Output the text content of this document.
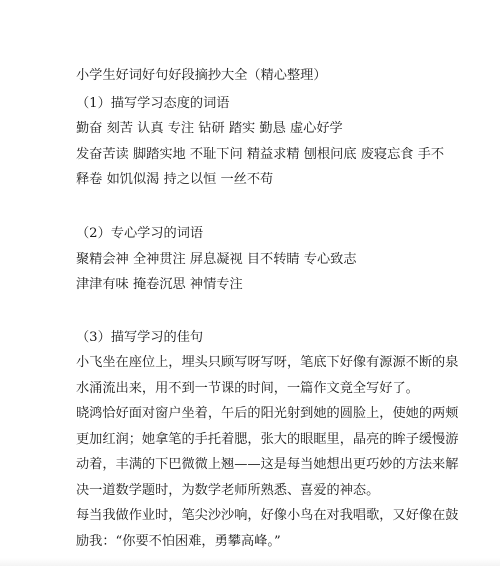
小学生好词好句好段摘抄大全（精心整理）
（1）描写学习态度的词语
勤奋 刻苦 认真 专注 钻研 踏实 勤恳 虚心好学
发奋苦读 脚踏实地 不耻下问 精益求精 刨根问底 废寝忘食 手不
释卷 如饥似渴 持之以恒 一丝不苟
（2）专心学习的词语
聚精会神 全神贯注 屏息凝视 目不转睛 专心致志
津津有味 掩卷沉思 神情专注
（3）描写学习的佳句
小飞坐在座位上，埋头只顾写呀写呀，笔底下好像有源源不断的泉
水涌流出来，用不到一节课的时间，一篇作文竟全写好了。
晓鸿恰好面对窗户坐着，午后的阳光射到她的圆脸上，使她的两颊
更加红润；她拿笔的手托着腮，张大的眼眶里，晶亮的眸子缓慢游
动着，丰满的下巴微微上翘——这是每当她想出更巧妙的方法来解
决一道数学题时，为数学老师所熟悉、喜爱的神态。
每当我做作业时，笔尖沙沙响，好像小鸟在对我唱歌，又好像在鼓
励我：“你要不怕困难，勇攀高峰。”
